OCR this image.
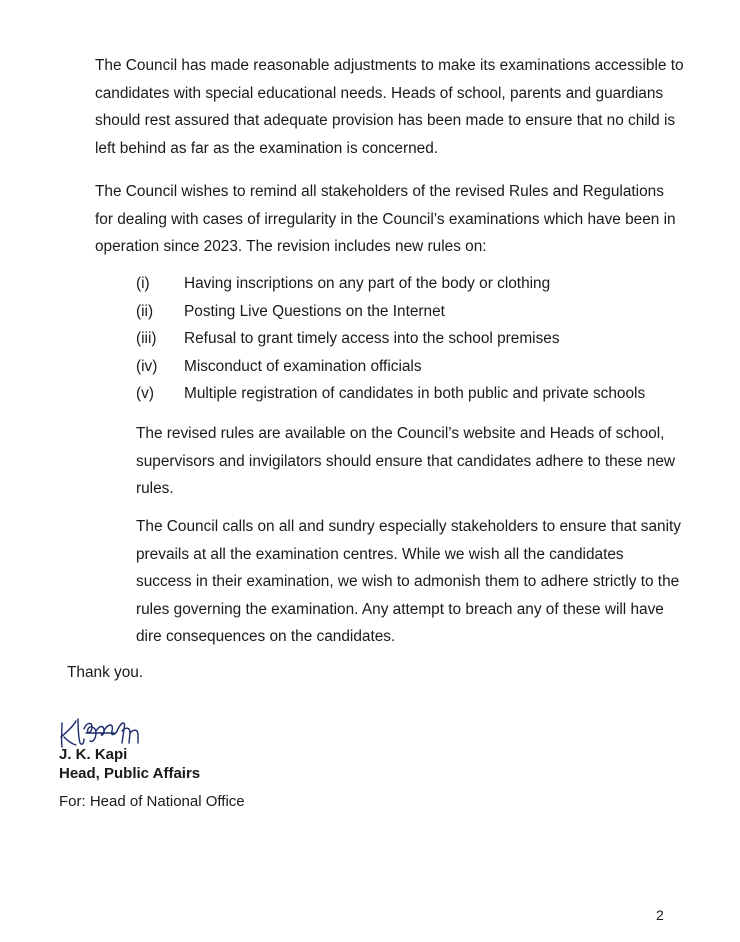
The Council has made reasonable adjustments to make its examinations accessible to candidates with special educational needs. Heads of school, parents and guardians should rest assured that adequate provision has been made to ensure that no child is left behind as far as the examination is concerned.

The Council wishes to remind all stakeholders of the revised Rules and Regulations for dealing with cases of irregularity in the Council’s examinations which have been in operation since 2023. The revision includes new rules on:

(i)	Having inscriptions on any part of the body or clothing
(ii)	Posting Live Questions on the Internet
(iii)	Refusal to grant timely access into the school premises
(iv)	Misconduct of examination officials
(v)	Multiple registration of candidates in both public and private schools

The revised rules are available on the Council’s website and Heads of school, supervisors and invigilators should ensure that candidates adhere to these new rules.

The Council calls on all and sundry especially stakeholders to ensure that sanity prevails at all the examination centres. While we wish all the candidates success in their examination, we wish to admonish them to adhere strictly to the rules governing the examination. Any attempt to breach any of these will have dire consequences on the candidates.

Thank you.

J. K. Kapi

Head, Public Affairs

For: Head of National Office

2
